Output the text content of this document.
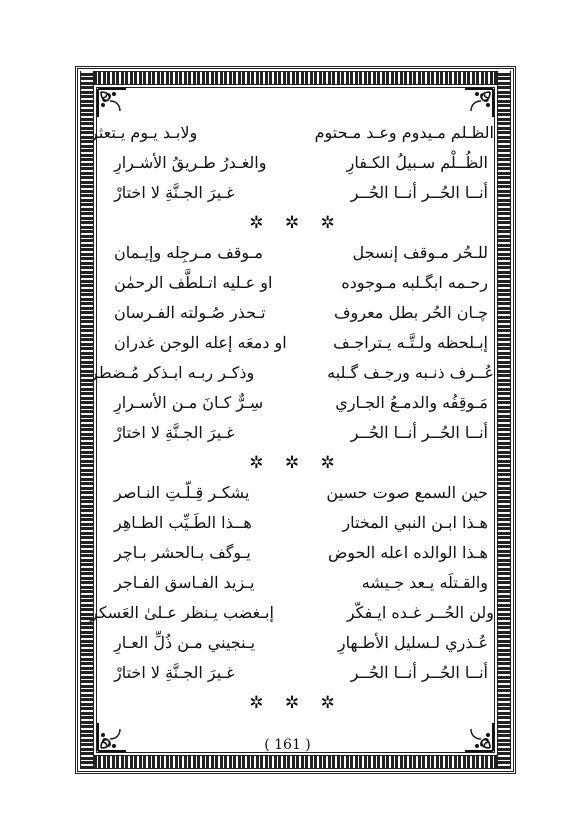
الظـلم مـيدوم وعـد مـحتوم
ولابـد يـوم يـتعثر
الظُــلْم سـبيلُ الكـفارِ
والغـدرُ طـريقُ الأشـرارِ
أنــا الحُــر أنــا الحُــر
غـيرَ الجـنَّةِ لا اختارْ
✲ ✲ ✲
للـحُر مـوقف إنسجل
مـوقف مـرجِله وإيـمان
رحـمه ابگـلبه مـوجوده
او عـليه اتـلطَّف الرحمٰن
چـان الحُر بطل معروف
تـحذر صُـولته الفـرسان
إبـلحظه ولـتَّـه يـتراجـف
او دمعَه إعله الوجن غدران
عُــرف ذنـبه ورجـف گـلبه
وذكـر ربـه ابـذكر مُـضطر
مَـوقِفُه والدمـعُ الجـاري
سِـرٌّ كـانَ مـن الأسـرارِ
أنــا الحُــر أنــا الحُــر
غـيرَ الجـنَّةِ لا اختارْ
✲ ✲ ✲
حين السمع صوت حسين
يشكـر قِـلّـتِ النـاصر
هـذا ابـن النبي المختار
هــذا الطَـيِّب الطـاهِر
هـذا الوالده اعله الحوض
يـوگف بـالحشر بـاچر
والقـتلَه يـعد جـيشه
يـزيد الفـاسق الفـاجر
ولن الحُــر غـده ايـفكّر
إبـغضب يـنظر عـلىٰ العَسكر
عُـذري لـسليل الأطـهارِ
يـنجيني مـن ذُلِّ العـارِ
أنــا الحُــر أنــا الحُــر
غـيرَ الجـنَّةِ لا اختارْ
✲ ✲ ✲
( 161 )
